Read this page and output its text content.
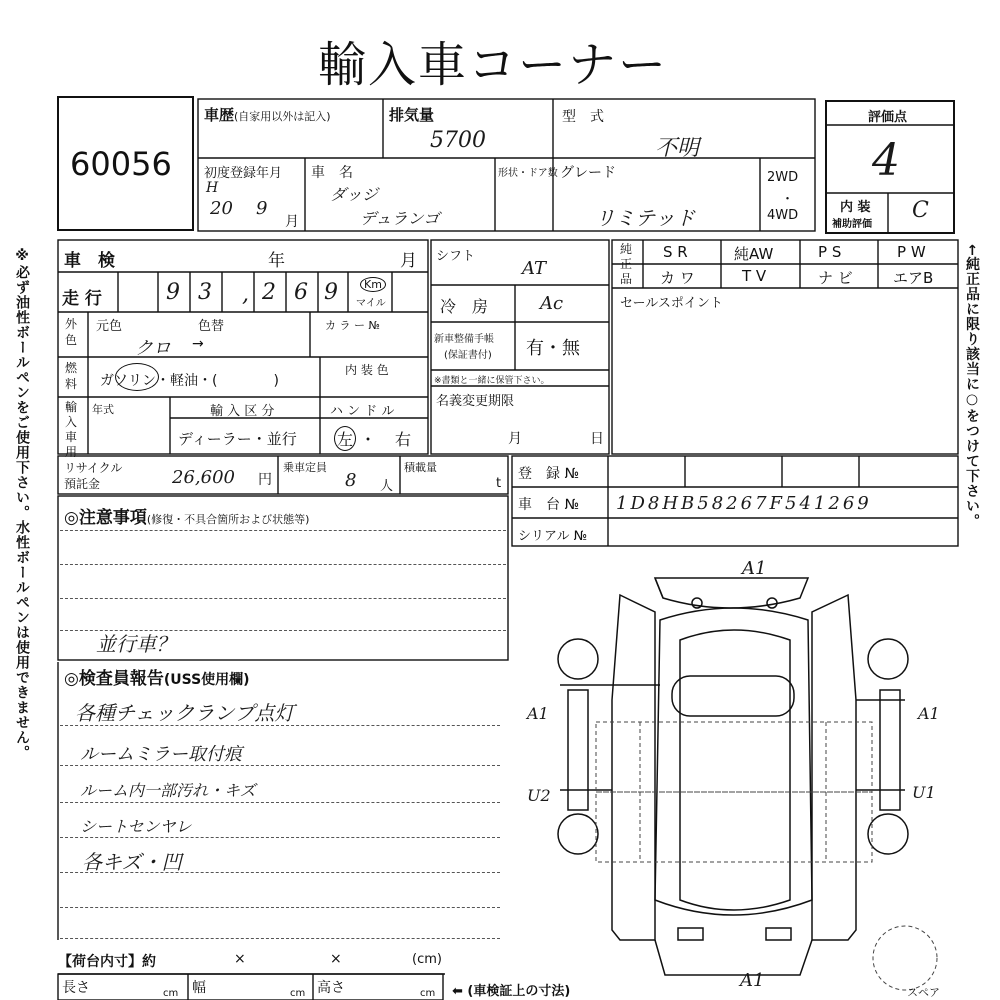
輸入車コーナー
60056
車歴(自家用以外は記入)	排気量
5700
型　式
不明
初度登録年月
H
20 9
月
車　名
ダッジ
デュランゴ
形状・ドア数 グレード
リミテッド
2WD
・
4WD
評価点
4
内 装
補助評価
C
車　検	年	月
走 行	9 3 , 2 6 9	Km
マイル
外色
元色	色替	カ ラ ー №
クロ →
燃料 ガソリン・軽油・(　　　　)
内 装 色
輸入車用
年式	輸 入 区 分
ディーラー・並行
ハ ン ド ル
左 ・ 右
シフト
AT
冷　房	Ac
新車整備手帳
(保証書付) 有・無
※書類と一緒に保管下さい。
名義変更期限
月	日
純正品
S R	純AW	P S	P W
カ ワ	T V	ナ ビ	エアB
セールスポイント
リサイクル
預託金	26,600 円
乗車定員
8 人
積載量
t
登　録 №
車　台 № 1D8HB58267F541269
シリアル №
◎注意事項(修復・不具合箇所および状態等)
並行車？
◎検査員報告(USS使用欄)
各種チェックランプ点灯
ルームミラー取付痕
ルーム内一部汚れ・キズ
シートセンヤレ
各キズ・凹
【荷台内寸】約	×	×	(cm)
長さ	cm 幅	cm 高さ	cm ⬅ (車検証上の寸法)
A1
A1	A1
U2	U1
A1
スペア
※必ず油性ボールペンをご使用下さい。水性ボールペンは使用できません。	←純正品に限り該当に○をつけて下さい。
